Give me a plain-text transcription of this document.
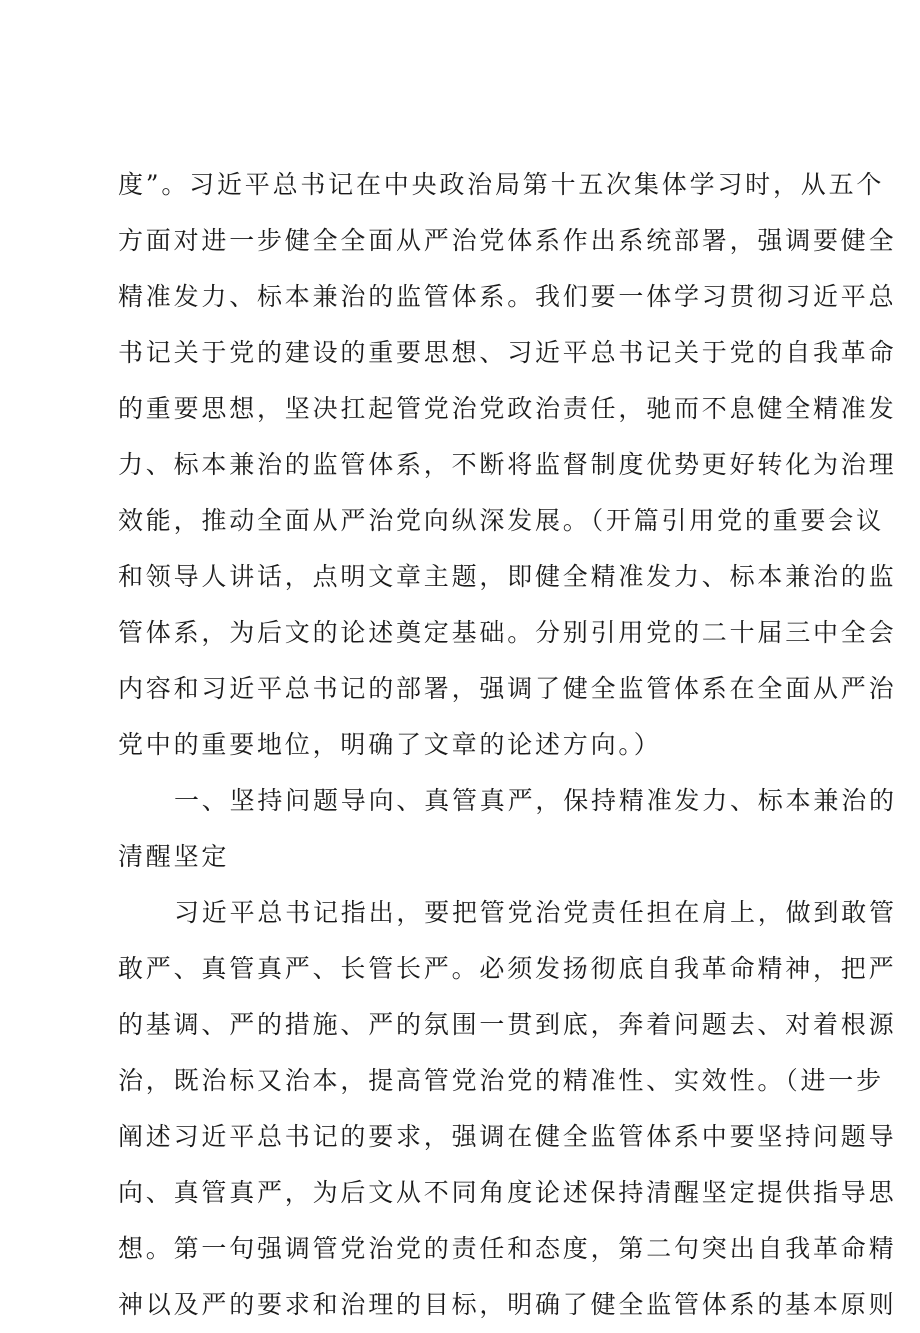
度”。习近平总书记在中央政治局第十五次集体学习时，从五个
方面对进一步健全全面从严治党体系作出系统部署，强调要健全
精准发力、标本兼治的监管体系。我们要一体学习贯彻习近平总
书记关于党的建设的重要思想、习近平总书记关于党的自我革命
的重要思想，坚决扛起管党治党政治责任，驰而不息健全精准发
力、标本兼治的监管体系，不断将监督制度优势更好转化为治理
效能，推动全面从严治党向纵深发展。（开篇引用党的重要会议
和领导人讲话，点明文章主题，即健全精准发力、标本兼治的监
管体系，为后文的论述奠定基础。分别引用党的二十届三中全会
内容和习近平总书记的部署，强调了健全监管体系在全面从严治
党中的重要地位，明确了文章的论述方向。）
一、坚持问题导向、真管真严，保持精准发力、标本兼治的
清醒坚定
习近平总书记指出，要把管党治党责任担在肩上，做到敢管
敢严、真管真严、长管长严。必须发扬彻底自我革命精神，把严
的基调、严的措施、严的氛围一贯到底，奔着问题去、对着根源
治，既治标又治本，提高管党治党的精准性、实效性。（进一步
阐述习近平总书记的要求，强调在健全监管体系中要坚持问题导
向、真管真严，为后文从不同角度论述保持清醒坚定提供指导思
想。第一句强调管党治党的责任和态度，第二句突出自我革命精
神以及严的要求和治理的目标，明确了健全监管体系的基本原则
